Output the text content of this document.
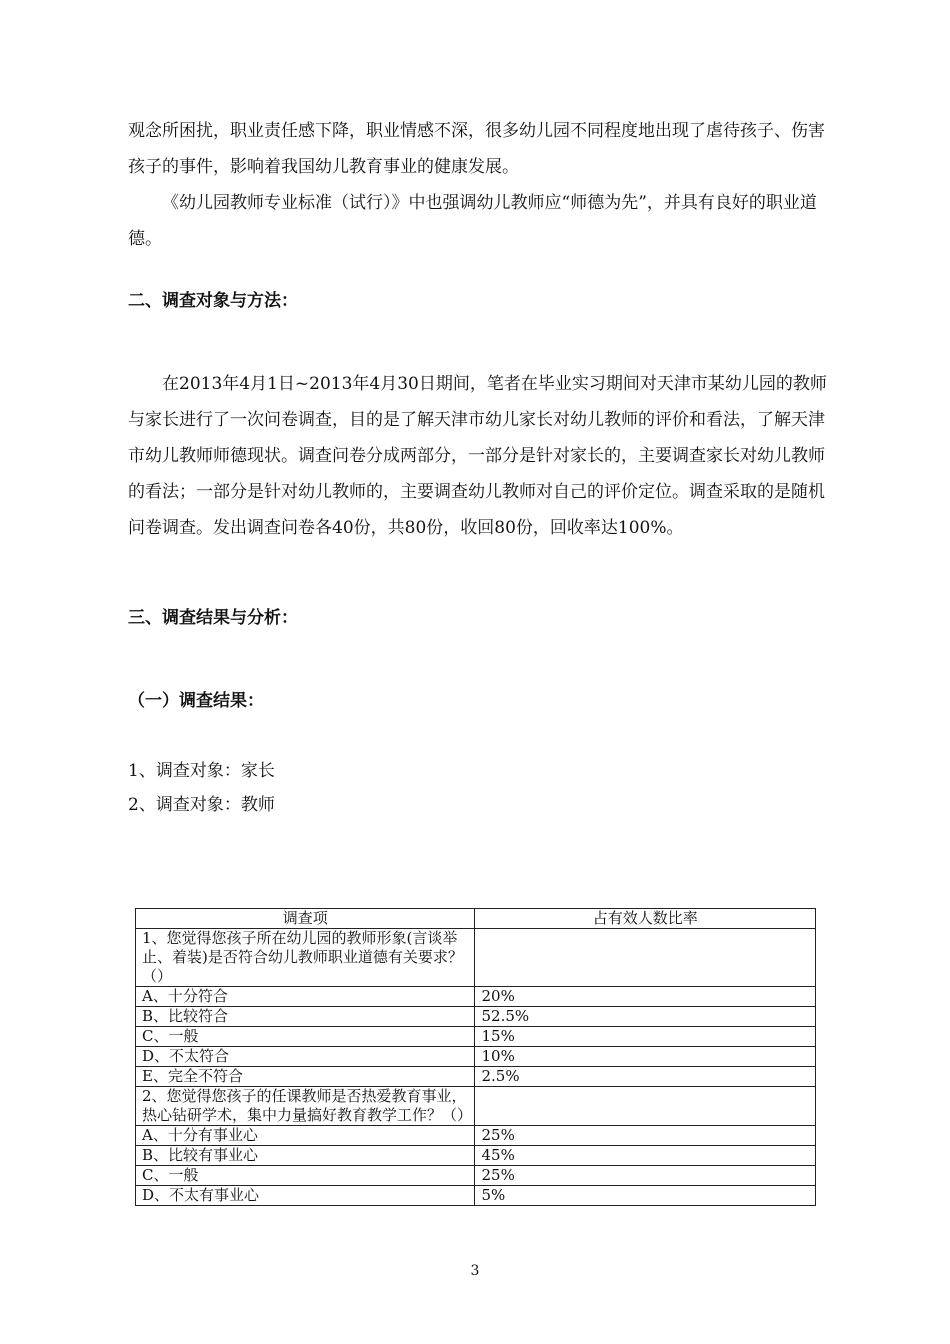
观念所困扰，职业责任感下降，职业情感不深，很多幼儿园不同程度地出现了虐待孩子、伤害孩子的事件，影响着我国幼儿教育事业的健康发展。

《幼儿园教师专业标准（试行）》中也强调幼儿教师应“师德为先”，并具有良好的职业道德。

二、调查对象与方法：

在2013年4月1日~2013年4月30日期间，笔者在毕业实习期间对天津市某幼儿园的教师与家长进行了一次问卷调查，目的是了解天津市幼儿家长对幼儿教师的评价和看法，了解天津市幼儿教师师德现状。调查问卷分成两部分，一部分是针对家长的，主要调查家长对幼儿教师的看法；一部分是针对幼儿教师的，主要调查幼儿教师对自己的评价定位。调查采取的是随机问卷调查。发出调查问卷各40份，共80份，收回80份，回收率达100%。

三、调查结果与分析：
（一）调查结果：

1、调查对象：家长

2、调查对象：教师

调查项	占有效人数比率
1、您觉得您孩子所在幼儿园的教师形象(言谈举止、着装)是否符合幼儿教师职业道德有关要求？（）	
A、十分符合	20%
B、比较符合	52.5%
C、一般	15%
D、不太符合	10%
E、完全不符合	2.5%
2、您觉得您孩子的任课教师是否热爱教育事业，热心钻研学术，集中力量搞好教育教学工作？（）	
A、十分有事业心	25%
B、比较有事业心	45%
C、一般	25%
D、不太有事业心	5%
3
